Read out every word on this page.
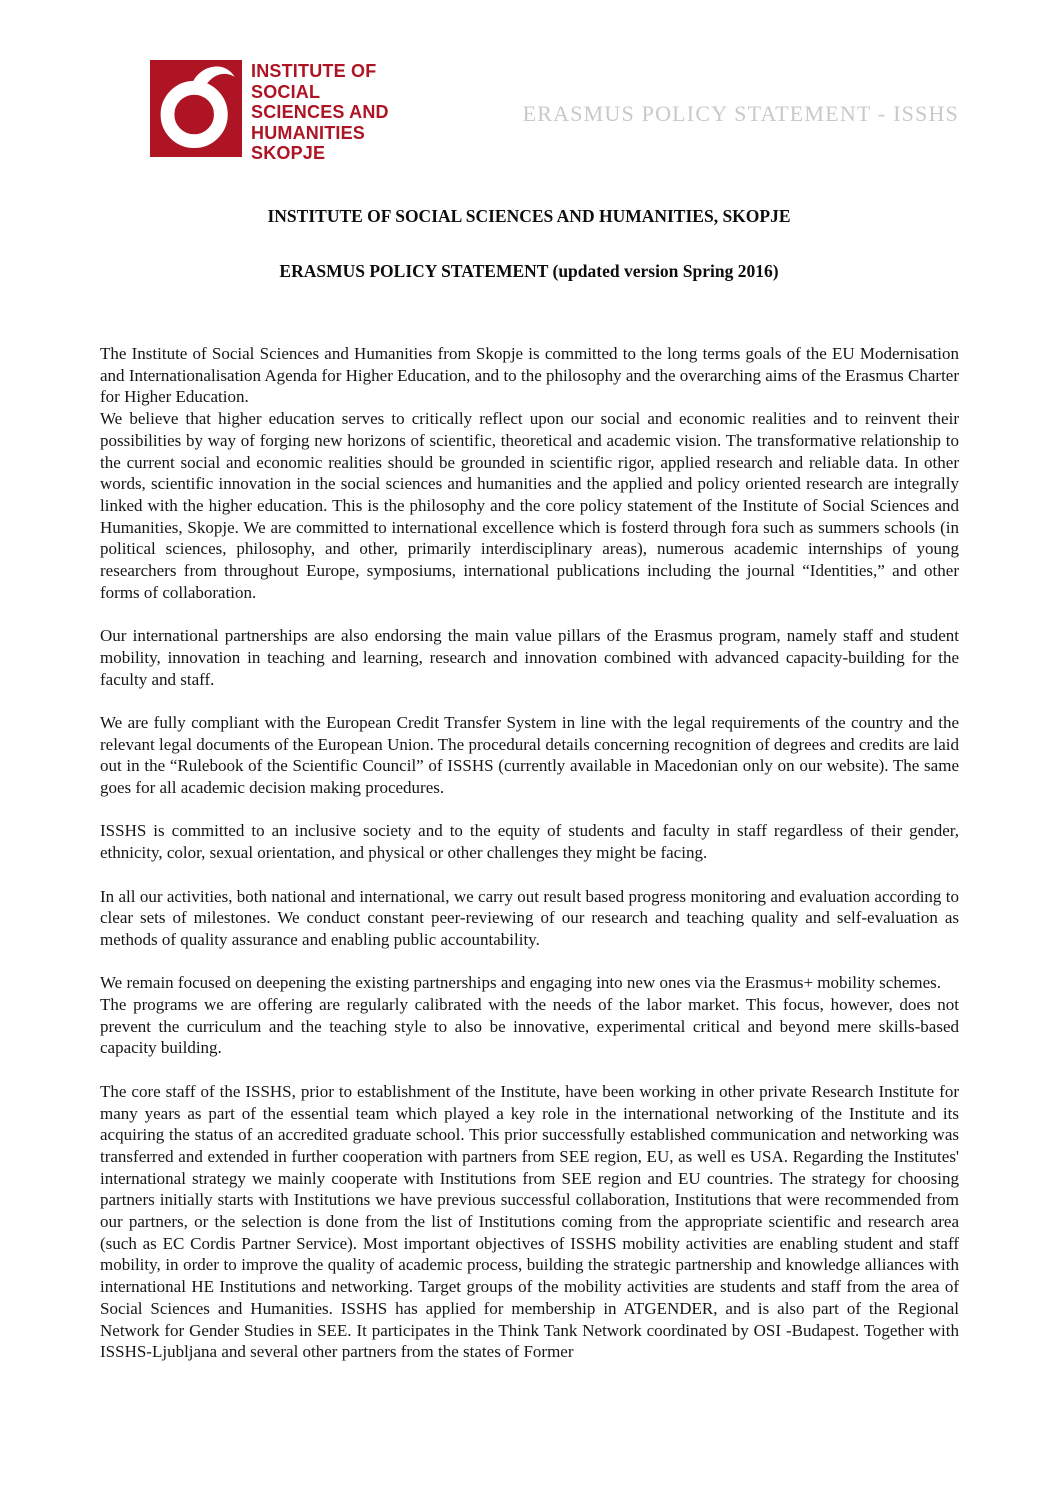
INSTITUTE OF
SOCIAL
SCIENCES AND
HUMANITIES
SKOPJE
ERASMUS POLICY STATEMENT - ISSHS
INSTITUTE OF SOCIAL SCIENCES AND HUMANITIES, SKOPJE
ERASMUS POLICY STATEMENT (updated version Spring 2016)

The Institute of Social Sciences and Humanities from Skopje is committed to the long terms goals of the EU Modernisation and Internationalisation Agenda for Higher Education, and to the philosophy and the overarching aims of the Erasmus Charter for Higher Education.

We believe that higher education serves to critically reflect upon our social and economic realities and to reinvent their possibilities by way of forging new horizons of scientific, theoretical and academic vision. The transformative relationship to the current social and economic realities should be grounded in scientific rigor, applied research and reliable data. In other words, scientific innovation in the social sciences and humanities and the applied and policy oriented research are integrally linked with the higher education. This is the philosophy and the core policy statement of the Institute of Social Sciences and Humanities, Skopje. We are committed to international excellence which is fosterd through fora such as summers schools (in political sciences, philosophy, and other, primarily interdisciplinary areas), numerous academic internships of young researchers from throughout Europe, symposiums, international publications including the journal “Identities,” and other forms of collaboration.

Our international partnerships are also endorsing the main value pillars of the Erasmus program, namely staff and student mobility, innovation in teaching and learning, research and innovation combined with advanced capacity-building for the faculty and staff.

We are fully compliant with the European Credit Transfer System in line with the legal requirements of the country and the relevant legal documents of the European Union. The procedural details concerning recognition of degrees and credits are laid out in the “Rulebook of the Scientific Council” of ISSHS (currently available in Macedonian only on our website). The same goes for all academic decision making procedures.

ISSHS is committed to an inclusive society and to the equity of students and faculty in staff regardless of their gender, ethnicity, color, sexual orientation, and physical or other challenges they might be facing.

In all our activities, both national and international, we carry out result based progress monitoring and evaluation according to clear sets of milestones. We conduct constant peer-reviewing of our research and teaching quality and self-evaluation as methods of quality assurance and enabling public accountability.

We remain focused on deepening the existing partnerships and engaging into new ones via the Erasmus+ mobility schemes.

The programs we are offering are regularly calibrated with the needs of the labor market. This focus, however, does not prevent the curriculum and the teaching style to also be innovative, experimental critical and beyond mere skills-based capacity building.

The core staff of the ISSHS, prior to establishment of the Institute, have been working in other private Research Institute for many years as part of the essential team which played a key role in the international networking of the Institute and its acquiring the status of an accredited graduate school. This prior successfully established communication and networking was transferred and extended in further cooperation with partners from SEE region, EU, as well es USA. Regarding the Institutes' international strategy we mainly cooperate with Institutions from SEE region and EU countries. The strategy for choosing partners initially starts with Institutions we have previous successful collaboration, Institutions that were recommended from our partners, or the selection is done from the list of Institutions coming from the appropriate scientific and research area (such as EC Cordis Partner Service). Most important objectives of ISSHS mobility activities are enabling student and staff mobility, in order to improve the quality of academic process, building the strategic partnership and knowledge alliances with international HE Institutions and networking. Target groups of the mobility activities are students and staff from the area of Social Sciences and Humanities. ISSHS has applied for membership in ATGENDER, and is also part of the Regional Network for Gender Studies in SEE. It participates in the Think Tank Network coordinated by OSI -Budapest. Together with ISSHS-Ljubljana and several other partners from the states of Former
